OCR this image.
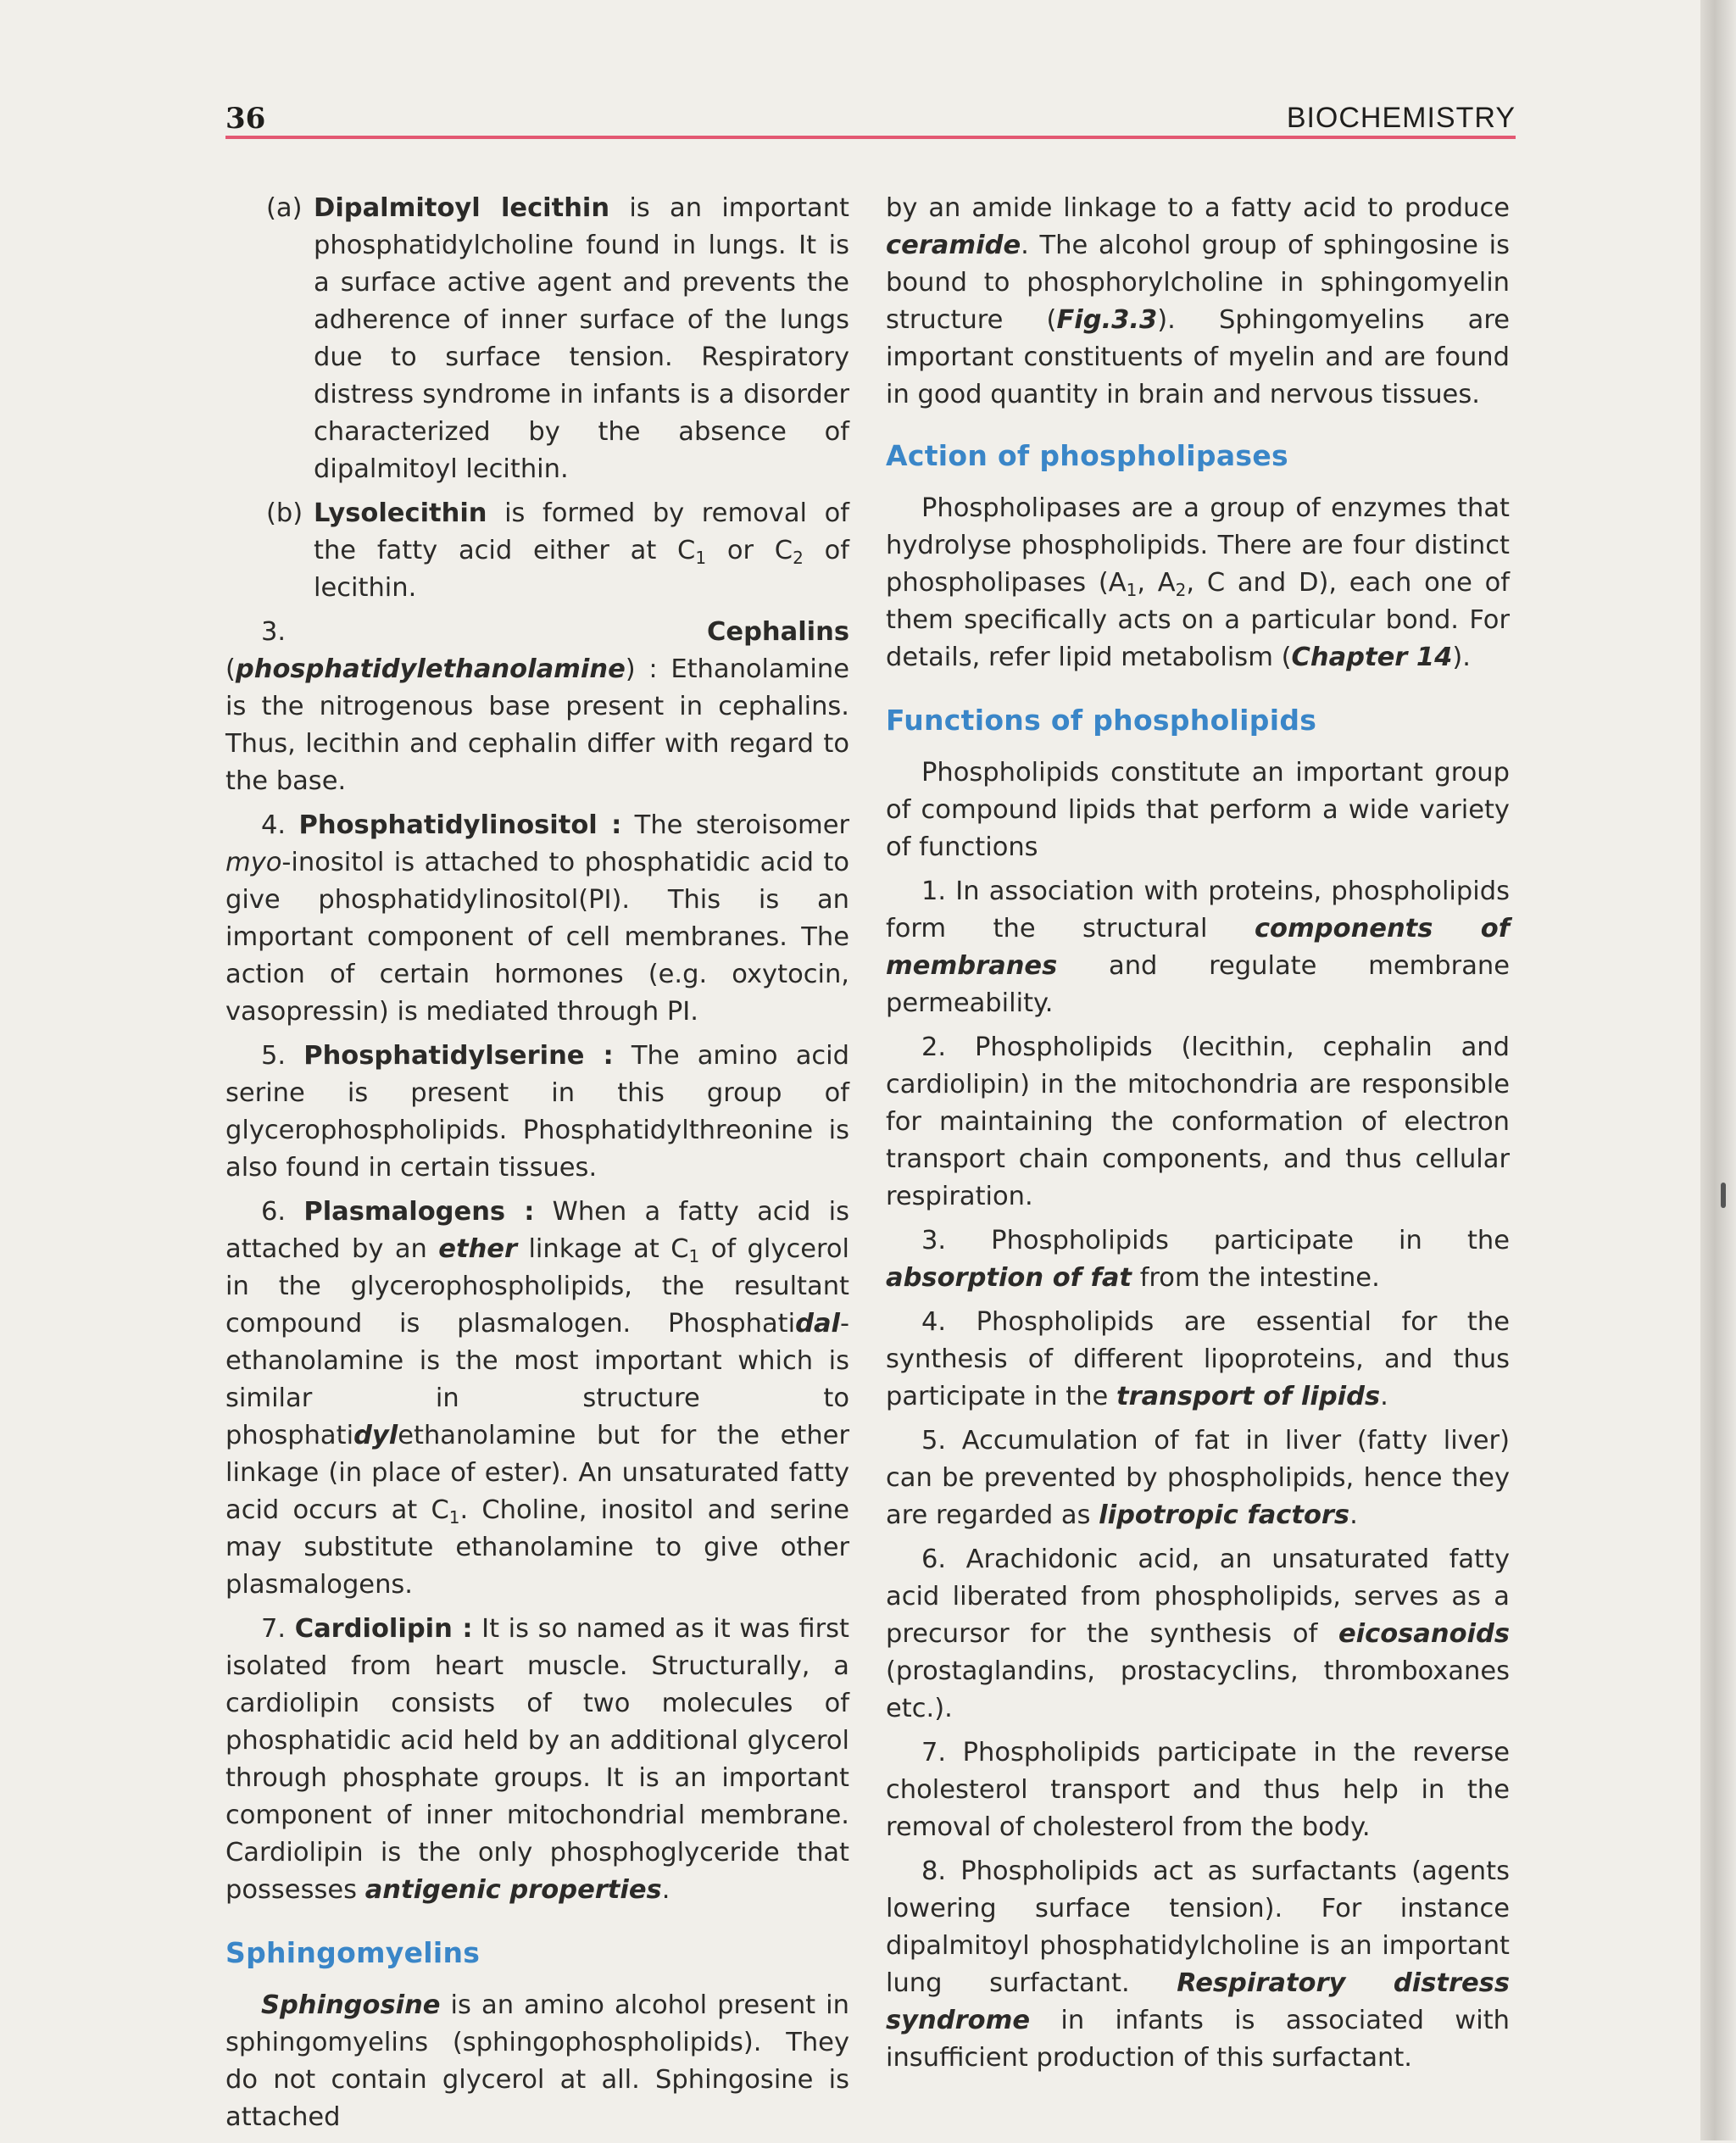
36	BIOCHEMISTRY

(a) Dipalmitoyl lecithin is an important phosphatidylcholine found in lungs. It is a surface active agent and prevents the adherence of inner surface of the lungs due to surface tension. Respiratory distress syndrome in infants is a disorder characterized by the absence of dipalmitoyl lecithin.

(b) Lysolecithin is formed by removal of the fatty acid either at $C_1$ or $C_2$ of lecithin.

3. Cephalins (phosphatidylethanolamine) : Ethanolamine is the nitrogenous base present in cephalins. Thus, lecithin and cephalin differ with regard to the base.

4. Phosphatidylinositol : The steroisomer myo-inositol is attached to phosphatidic acid to give phosphatidylinositol(PI). This is an important component of cell membranes. The action of certain hormones (e.g. oxytocin, vasopressin) is mediated through PI.

5. Phosphatidylserine : The amino acid serine is present in this group of glycerophospholipids. Phosphatidylthreonine is also found in certain tissues.

6. Plasmalogens : When a fatty acid is attached by an ether linkage at $C_1$ of glycerol in the glycerophospholipids, the resultant compound is plasmalogen. Phosphatidal-ethanolamine is the most important which is similar in structure to phosphatidylethanolamine but for the ether linkage (in place of ester). An unsaturated fatty acid occurs at $C_1$. Choline, inositol and serine may substitute ethanolamine to give other plasmalogens.

7. Cardiolipin : It is so named as it was first isolated from heart muscle. Structurally, a cardiolipin consists of two molecules of phosphatidic acid held by an additional glycerol through phosphate groups. It is an important component of inner mitochondrial membrane. Cardiolipin is the only phosphoglyceride that possesses antigenic properties.

Sphingomyelins

Sphingosine is an amino alcohol present in sphingomyelins (sphingophospholipids). They do not contain glycerol at all. Sphingosine is attached

by an amide linkage to a fatty acid to produce ceramide. The alcohol group of sphingosine is bound to phosphorylcholine in sphingomyelin structure (Fig.3.3). Sphingomyelins are important constituents of myelin and are found in good quantity in brain and nervous tissues.

Action of phospholipases

Phospholipases are a group of enzymes that hydrolyse phospholipids. There are four distinct phospholipases ($A_1$, $A_2$, C and D), each one of them specifically acts on a particular bond. For details, refer lipid metabolism (Chapter 14).

Functions of phospholipids

Phospholipids constitute an important group of compound lipids that perform a wide variety of functions

1. In association with proteins, phospholipids form the structural components of membranes and regulate membrane permeability.

2. Phospholipids (lecithin, cephalin and cardiolipin) in the mitochondria are responsible for maintaining the conformation of electron transport chain components, and thus cellular respiration.

3. Phospholipids participate in the absorption of fat from the intestine.

4. Phospholipids are essential for the synthesis of different lipoproteins, and thus participate in the transport of lipids.

5. Accumulation of fat in liver (fatty liver) can be prevented by phospholipids, hence they are regarded as lipotropic factors.

6. Arachidonic acid, an unsaturated fatty acid liberated from phospholipids, serves as a precursor for the synthesis of eicosanoids (prostaglandins, prostacyclins, thromboxanes etc.).

7. Phospholipids participate in the reverse cholesterol transport and thus help in the removal of cholesterol from the body.

8. Phospholipids act as surfactants (agents lowering surface tension). For instance dipalmitoyl phosphatidylcholine is an important lung surfactant. Respiratory distress syndrome in infants is associated with insufficient production of this surfactant.
